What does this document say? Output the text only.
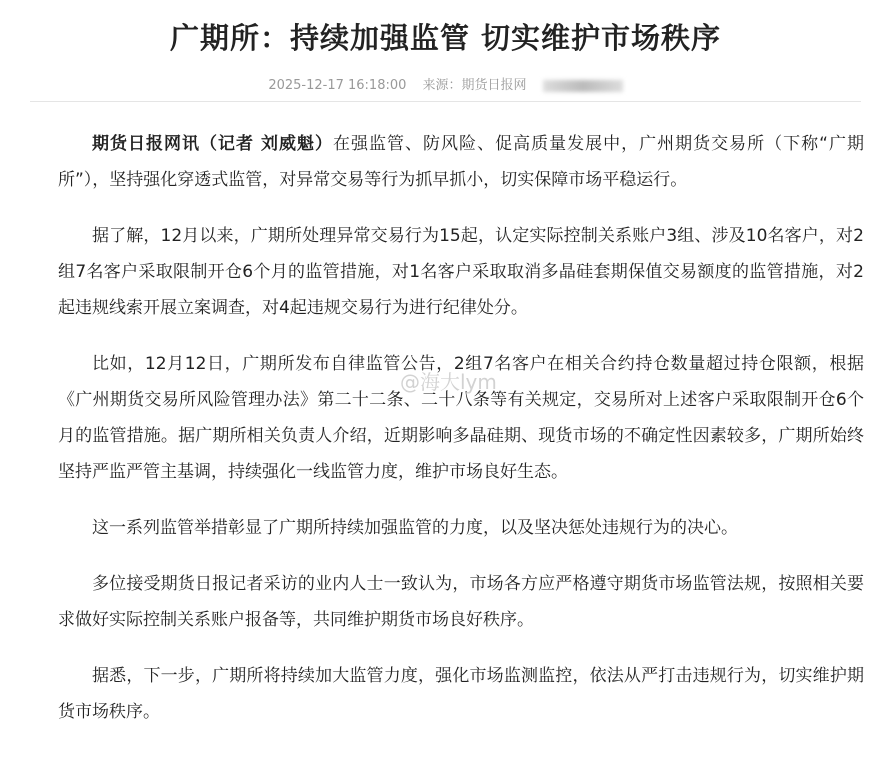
广期所：持续加强监管 切实维护市场秩序
2025-12-17 16:18:00 来源：期货日报网

期货日报网讯（记者 刘威魁）在强监管、防风险、促高质量发展中，广州期货交易所（下称“广期所”），坚持强化穿透式监管，对异常交易等行为抓早抓小，切实保障市场平稳运行。

据了解，12月以来，广期所处理异常交易行为15起，认定实际控制关系账户3组、涉及10名客户，对2组7名客户采取限制开仓6个月的监管措施，对1名客户采取取消多晶硅套期保值交易额度的监管措施，对2起违规线索开展立案调查，对4起违规交易行为进行纪律处分。

比如，12月12日，广期所发布自律监管公告，2组7名客户在相关合约持仓数量超过持仓限额，根据《广州期货交易所风险管理办法》第二十二条、二十八条等有关规定，交易所对上述客户采取限制开仓6个月的监管措施。据广期所相关负责人介绍，近期影响多晶硅期、现货市场的不确定性因素较多，广期所始终坚持严监严管主基调，持续强化一线监管力度，维护市场良好生态。

这一系列监管举措彰显了广期所持续加强监管的力度，以及坚决惩处违规行为的决心。

多位接受期货日报记者采访的业内人士一致认为，市场各方应严格遵守期货市场监管法规，按照相关要求做好实际控制关系账户报备等，共同维护期货市场良好秩序。

据悉，下一步，广期所将持续加大监管力度，强化市场监测监控，依法从严打击违规行为，切实维护期货市场秩序。

@海大lym
